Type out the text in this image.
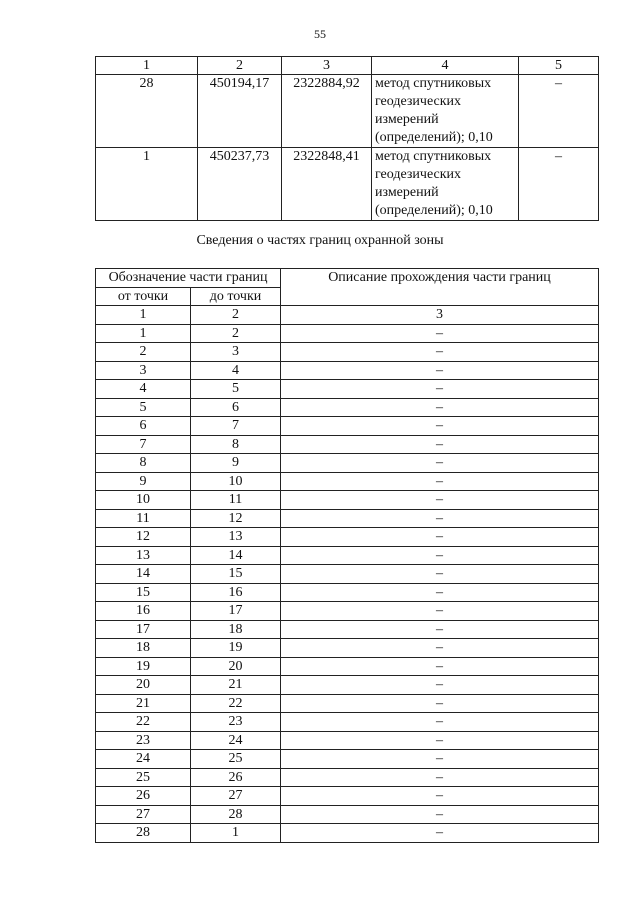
55
1	2	3	4	5
28	450194,17	2322884,92	метод спутниковых
геодезических
измерений
(определений); 0,10	–
1	450237,73	2322848,41	метод спутниковых
геодезических
измерений
(определений); 0,10	–
Сведения о частях границ охранной зоны
Обозначение части границ		Описание прохождения части границ
от точки	до точки	
1	2	3
1	2	–
2	3	–
3	4	–
4	5	–
5	6	–
6	7	–
7	8	–
8	9	–
9	10	–
10	11	–
11	12	–
12	13	–
13	14	–
14	15	–
15	16	–
16	17	–
17	18	–
18	19	–
19	20	–
20	21	–
21	22	–
22	23	–
23	24	–
24	25	–
25	26	–
26	27	–
27	28	–
28	1	–
